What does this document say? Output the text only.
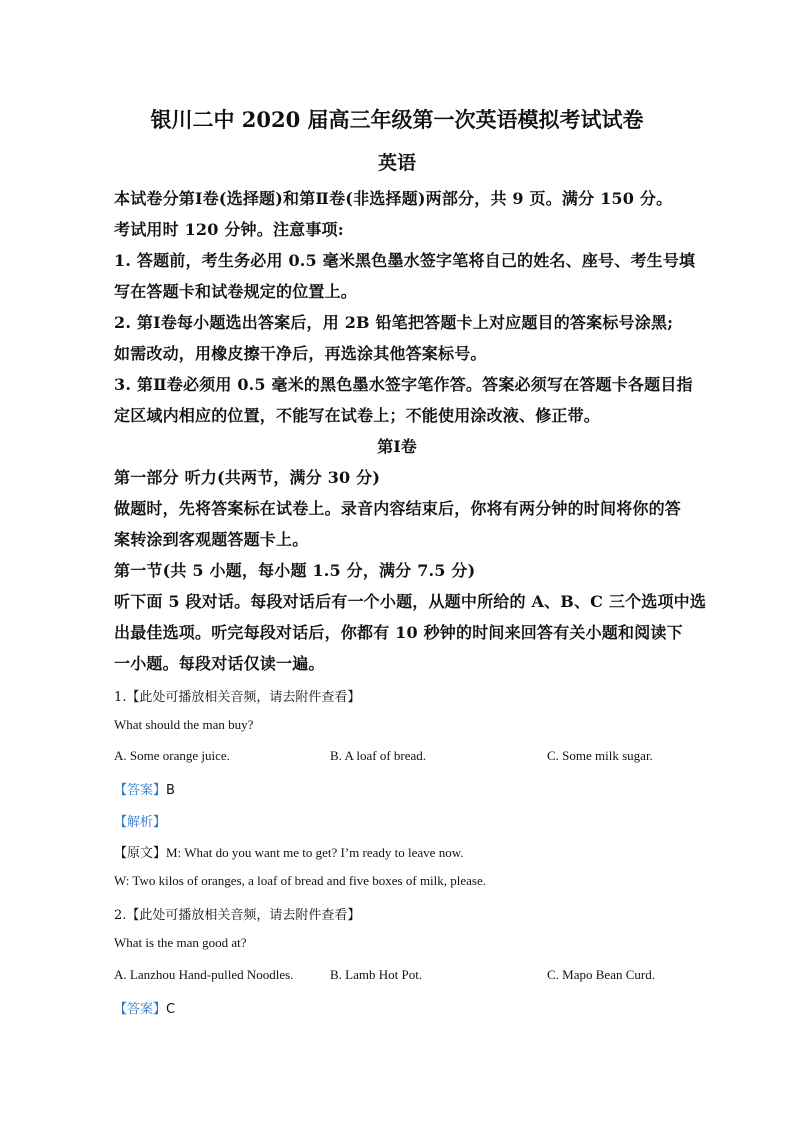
银川二中 2020 届高三年级第一次英语模拟考试试卷
英语
本试卷分第Ⅰ卷(选择题)和第Ⅱ卷(非选择题)两部分，共 9 页。满分 150 分。
考试用时 120 分钟。注意事项:
1. 答题前，考生务必用 0.5 毫米黑色墨水签字笔将自己的姓名、座号、考生号填
写在答题卡和试卷规定的位置上。
2. 第Ⅰ卷每小题选出答案后，用 2B 铅笔把答题卡上对应题目的答案标号涂黑;
如需改动，用橡皮擦干净后，再选涂其他答案标号。
3. 第Ⅱ卷必须用 0.5 毫米的黑色墨水签字笔作答。答案必须写在答题卡各题目指
定区域内相应的位置，不能写在试卷上；不能使用涂改液、修正带。
第Ⅰ卷
第一部分 听力(共两节，满分 30 分)
做题时，先将答案标在试卷上。录音内容结束后，你将有两分钟的时间将你的答
案转涂到客观题答题卡上。
第一节(共 5 小题，每小题 1.5 分，满分 7.5 分)
听下面 5 段对话。每段对话后有一个小题，从题中所给的 A、B、C 三个选项中选
出最佳选项。听完每段对话后，你都有 10 秒钟的时间来回答有关小题和阅读下
一小题。每段对话仅读一遍。
1.【此处可播放相关音频，请去附件查看】
What should the man buy?
A. Some orange juice.	B. A loaf of bread.	C. Some milk sugar.
【答案】B
【解析】
【原文】M: What do you want me to get? I’m ready to leave now.
W: Two kilos of oranges, a loaf of bread and five boxes of milk, please.
2.【此处可播放相关音频，请去附件查看】
What is the man good at?
A. Lanzhou Hand-pulled Noodles.	B. Lamb Hot Pot.	C. Mapo Bean Curd.
【答案】C
